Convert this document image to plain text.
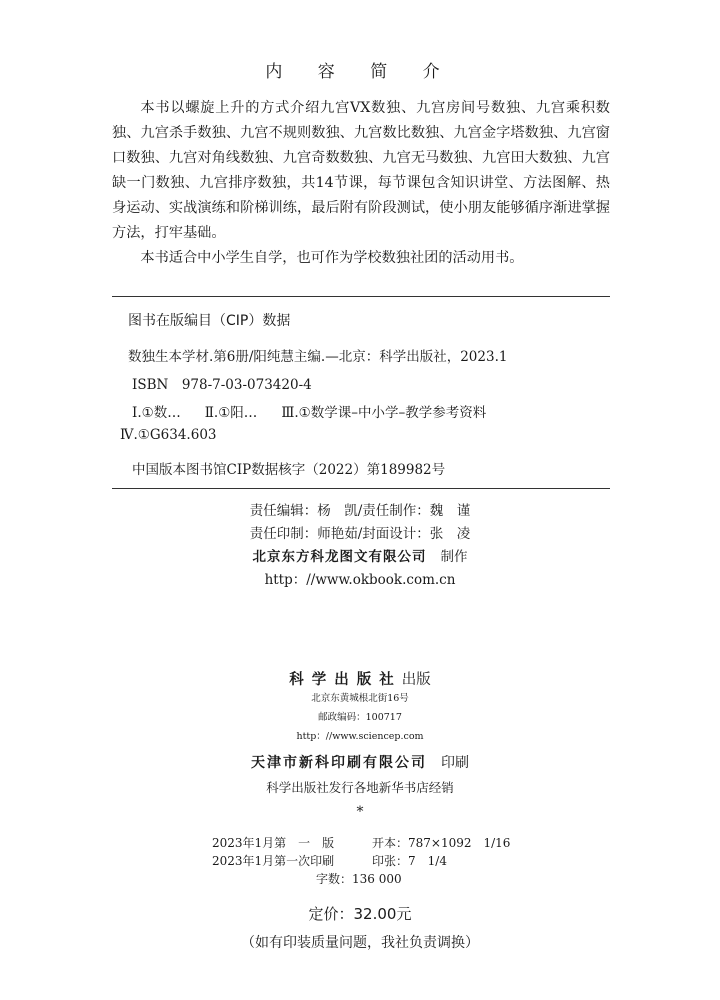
内 容 简 介

本书以螺旋上升的方式介绍九宫VX数独、九宫房间号数独、九宫乘积数独、九宫杀手数独、九宫不规则数独、九宫数比数独、九宫金字塔数独、九宫窗口数独、九宫对角线数独、九宫奇数数独、九宫无马数独、九宫田大数独、九宫缺一门数独、九宫排序数独，共14节课，每节课包含知识讲堂、方法图解、热身运动、实战演练和阶梯训练，最后附有阶段测试，使小朋友能够循序渐进掌握方法，打牢基础。

本书适合中小学生自学，也可作为学校数独社团的活动用书。

图书在版编目（CIP）数据
数独生本学材.第6册/阳纯慧主编.—北京：科学出版社，2023.1
ISBN　978-7-03-073420-4
Ⅰ.①数… Ⅱ.①阳… Ⅲ.①数学课–中小学–教学参考资料
Ⅳ.①G634.603
中国版本图书馆CIP数据核字（2022）第189982号
责任编辑：杨　凯/责任制作：魏　谨
责任印制：师艳茹/封面设计：张　凌
北京东方科龙图文有限公司 制作
http：//www.okbook.com.cn
科学出版社出版
北京东黄城根北街16号
邮政编码：100717
http：//www.sciencep.com
天津市新科印刷有限公司 印刷
科学出版社发行各地新华书店经销
*
2023年1月第　一　版	开本：787×1092　1/16
2023年1月第一次印刷	印张：7　1/4
字数：136 000
定价：32.00元
（如有印装质量问题，我社负责调换）
